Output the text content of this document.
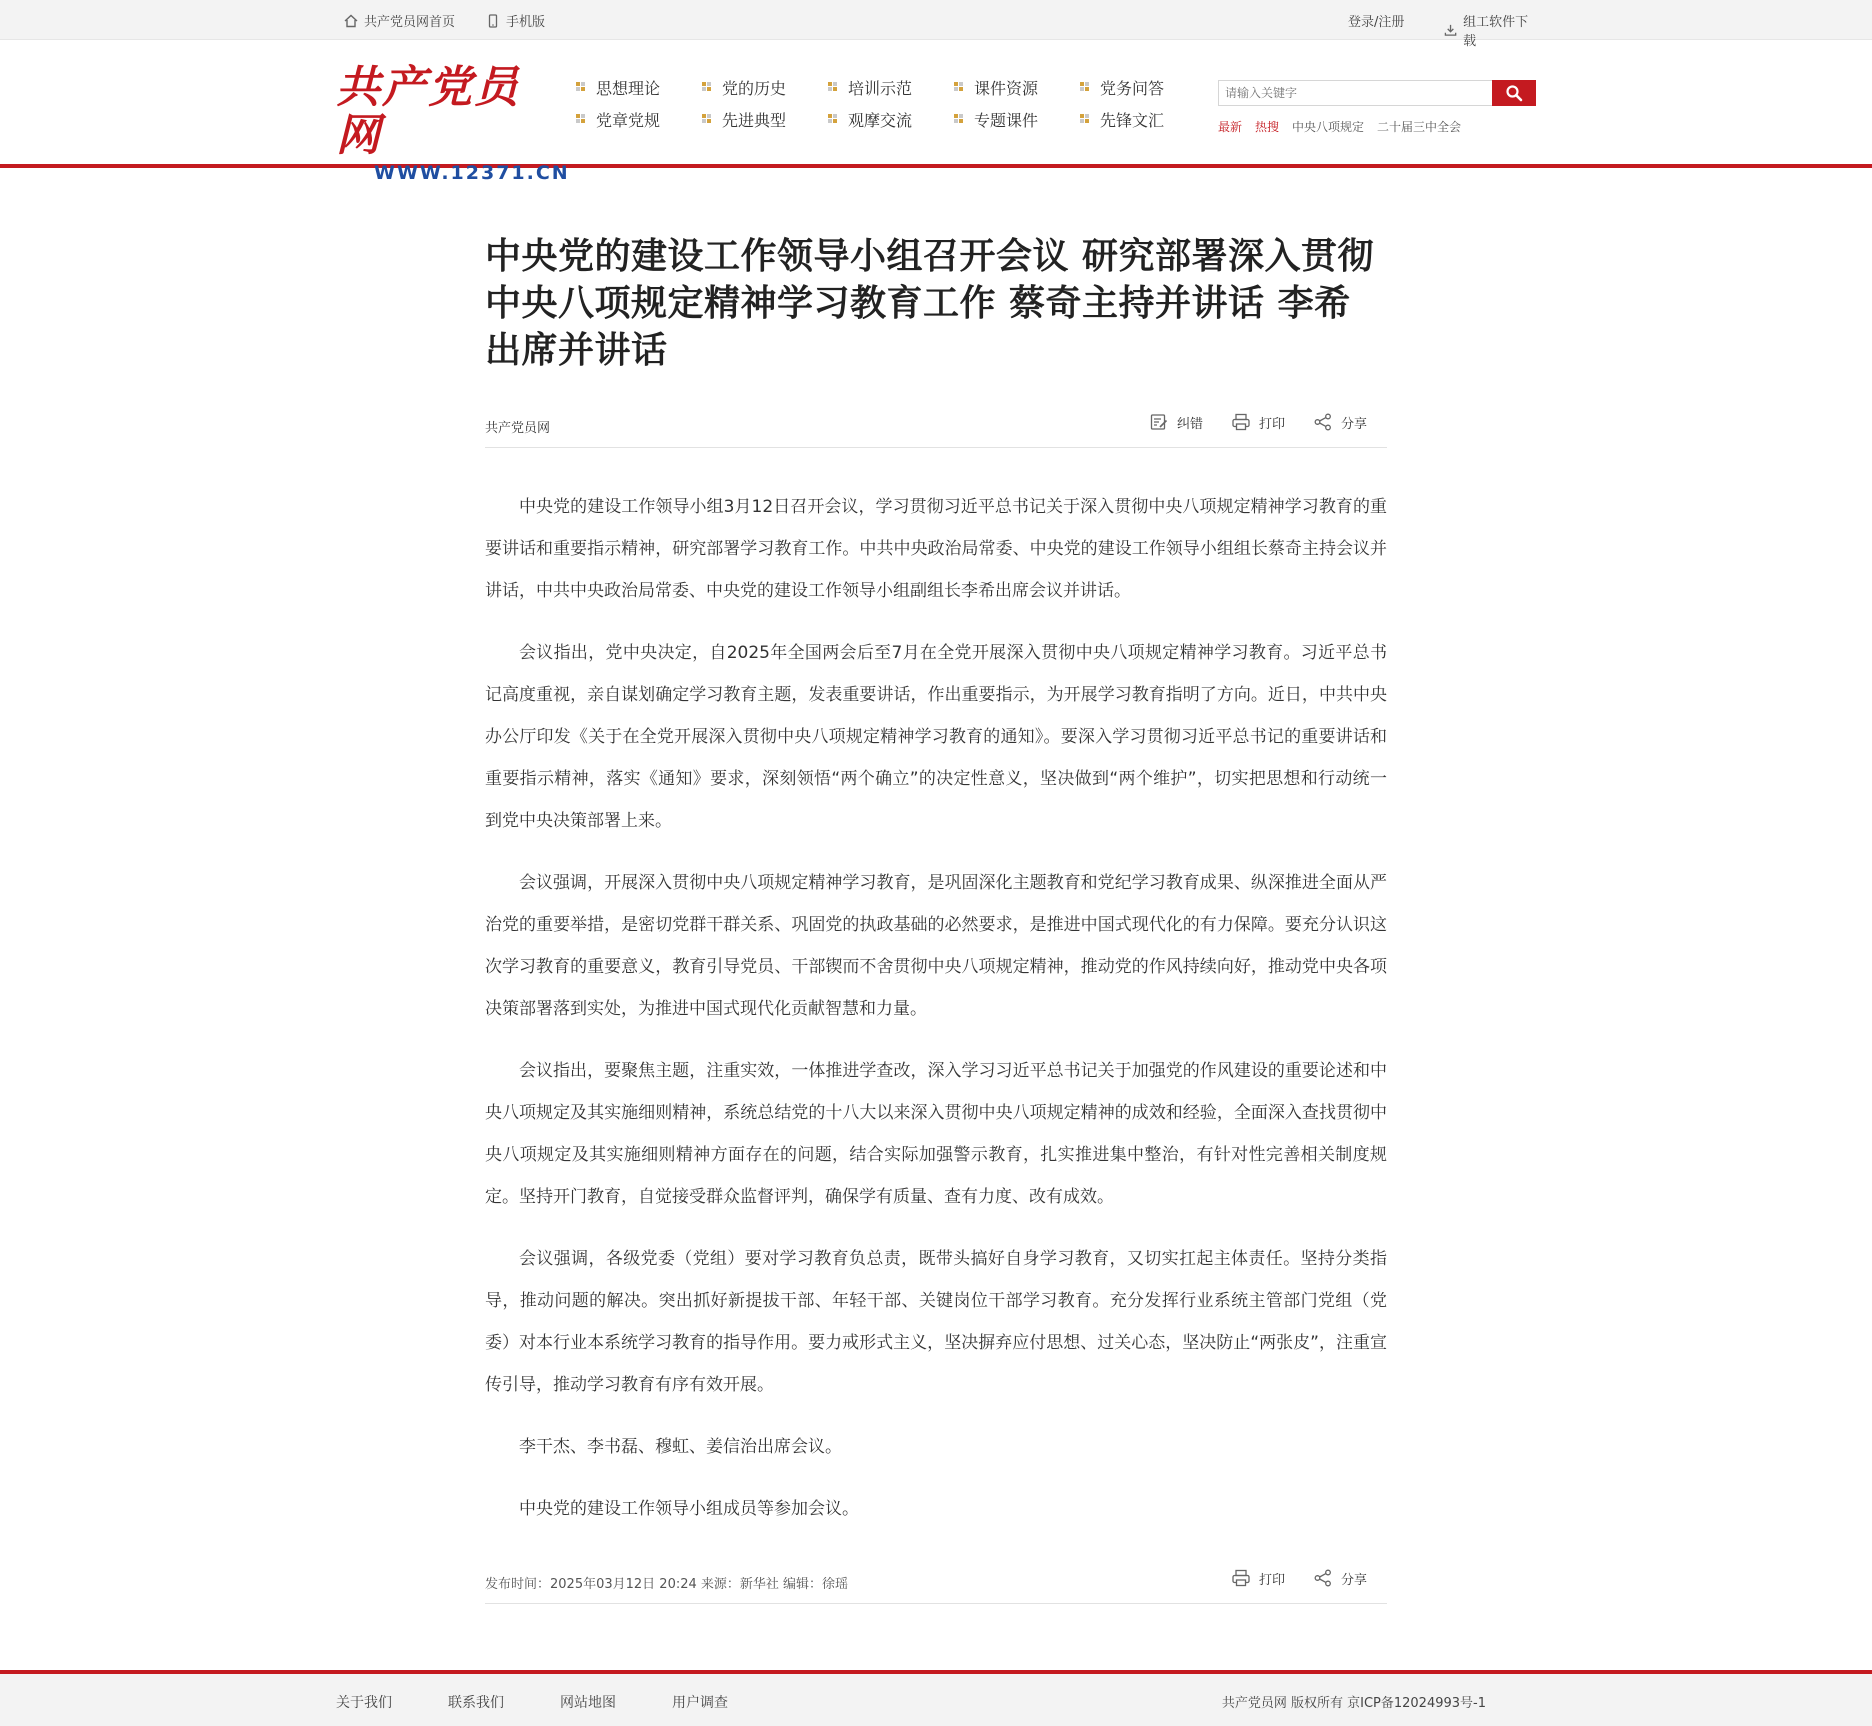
共产党员网首页	手机版	登录/注册	组工软件下载
共产党员网
WWW.12371.CN
思想理论	党的历史	培训示范	课件资源	党务问答
党章党规	先进典型	观摩交流	专题课件	先锋文汇
请输入关键字	最新 热搜 中央八项规定 二十届三中全会
中央党的建设工作领导小组召开会议 研究部署深入贯彻中央八项规定精神学习教育工作 蔡奇主持并讲话 李希出席并讲话
共产党员网	纠错	打印	分享

中央党的建设工作领导小组3月12日召开会议，学习贯彻习近平总书记关于深入贯彻中央八项规定精神学习教育的重要讲话和重要指示精神，研究部署学习教育工作。中共中央政治局常委、中央党的建设工作领导小组组长蔡奇主持会议并讲话，中共中央政治局常委、中央党的建设工作领导小组副组长李希出席会议并讲话。

会议指出，党中央决定，自2025年全国两会后至7月在全党开展深入贯彻中央八项规定精神学习教育。习近平总书记高度重视，亲自谋划确定学习教育主题，发表重要讲话，作出重要指示，为开展学习教育指明了方向。近日，中共中央办公厅印发《关于在全党开展深入贯彻中央八项规定精神学习教育的通知》。要深入学习贯彻习近平总书记的重要讲话和重要指示精神，落实《通知》要求，深刻领悟“两个确立”的决定性意义，坚决做到“两个维护”，切实把思想和行动统一到党中央决策部署上来。

会议强调，开展深入贯彻中央八项规定精神学习教育，是巩固深化主题教育和党纪学习教育成果、纵深推进全面从严治党的重要举措，是密切党群干群关系、巩固党的执政基础的必然要求，是推进中国式现代化的有力保障。要充分认识这次学习教育的重要意义，教育引导党员、干部锲而不舍贯彻中央八项规定精神，推动党的作风持续向好，推动党中央各项决策部署落到实处，为推进中国式现代化贡献智慧和力量。

会议指出，要聚焦主题，注重实效，一体推进学查改，深入学习习近平总书记关于加强党的作风建设的重要论述和中央八项规定及其实施细则精神，系统总结党的十八大以来深入贯彻中央八项规定精神的成效和经验，全面深入查找贯彻中央八项规定及其实施细则精神方面存在的问题，结合实际加强警示教育，扎实推进集中整治，有针对性完善相关制度规定。坚持开门教育，自觉接受群众监督评判，确保学有质量、查有力度、改有成效。

会议强调，各级党委（党组）要对学习教育负总责，既带头搞好自身学习教育，又切实扛起主体责任。坚持分类指导，推动问题的解决。突出抓好新提拔干部、年轻干部、关键岗位干部学习教育。充分发挥行业系统主管部门党组（党委）对本行业本系统学习教育的指导作用。要力戒形式主义，坚决摒弃应付思想、过关心态，坚决防止“两张皮”，注重宣传引导，推动学习教育有序有效开展。

李干杰、李书磊、穆虹、姜信治出席会议。

中央党的建设工作领导小组成员等参加会议。

发布时间：2025年03月12日 20:24 来源：新华社 编辑：徐瑶	打印	分享
关于我们	联系我们	网站地图	用户调查	共产党员网 版权所有 京ICP备12024993号-1
